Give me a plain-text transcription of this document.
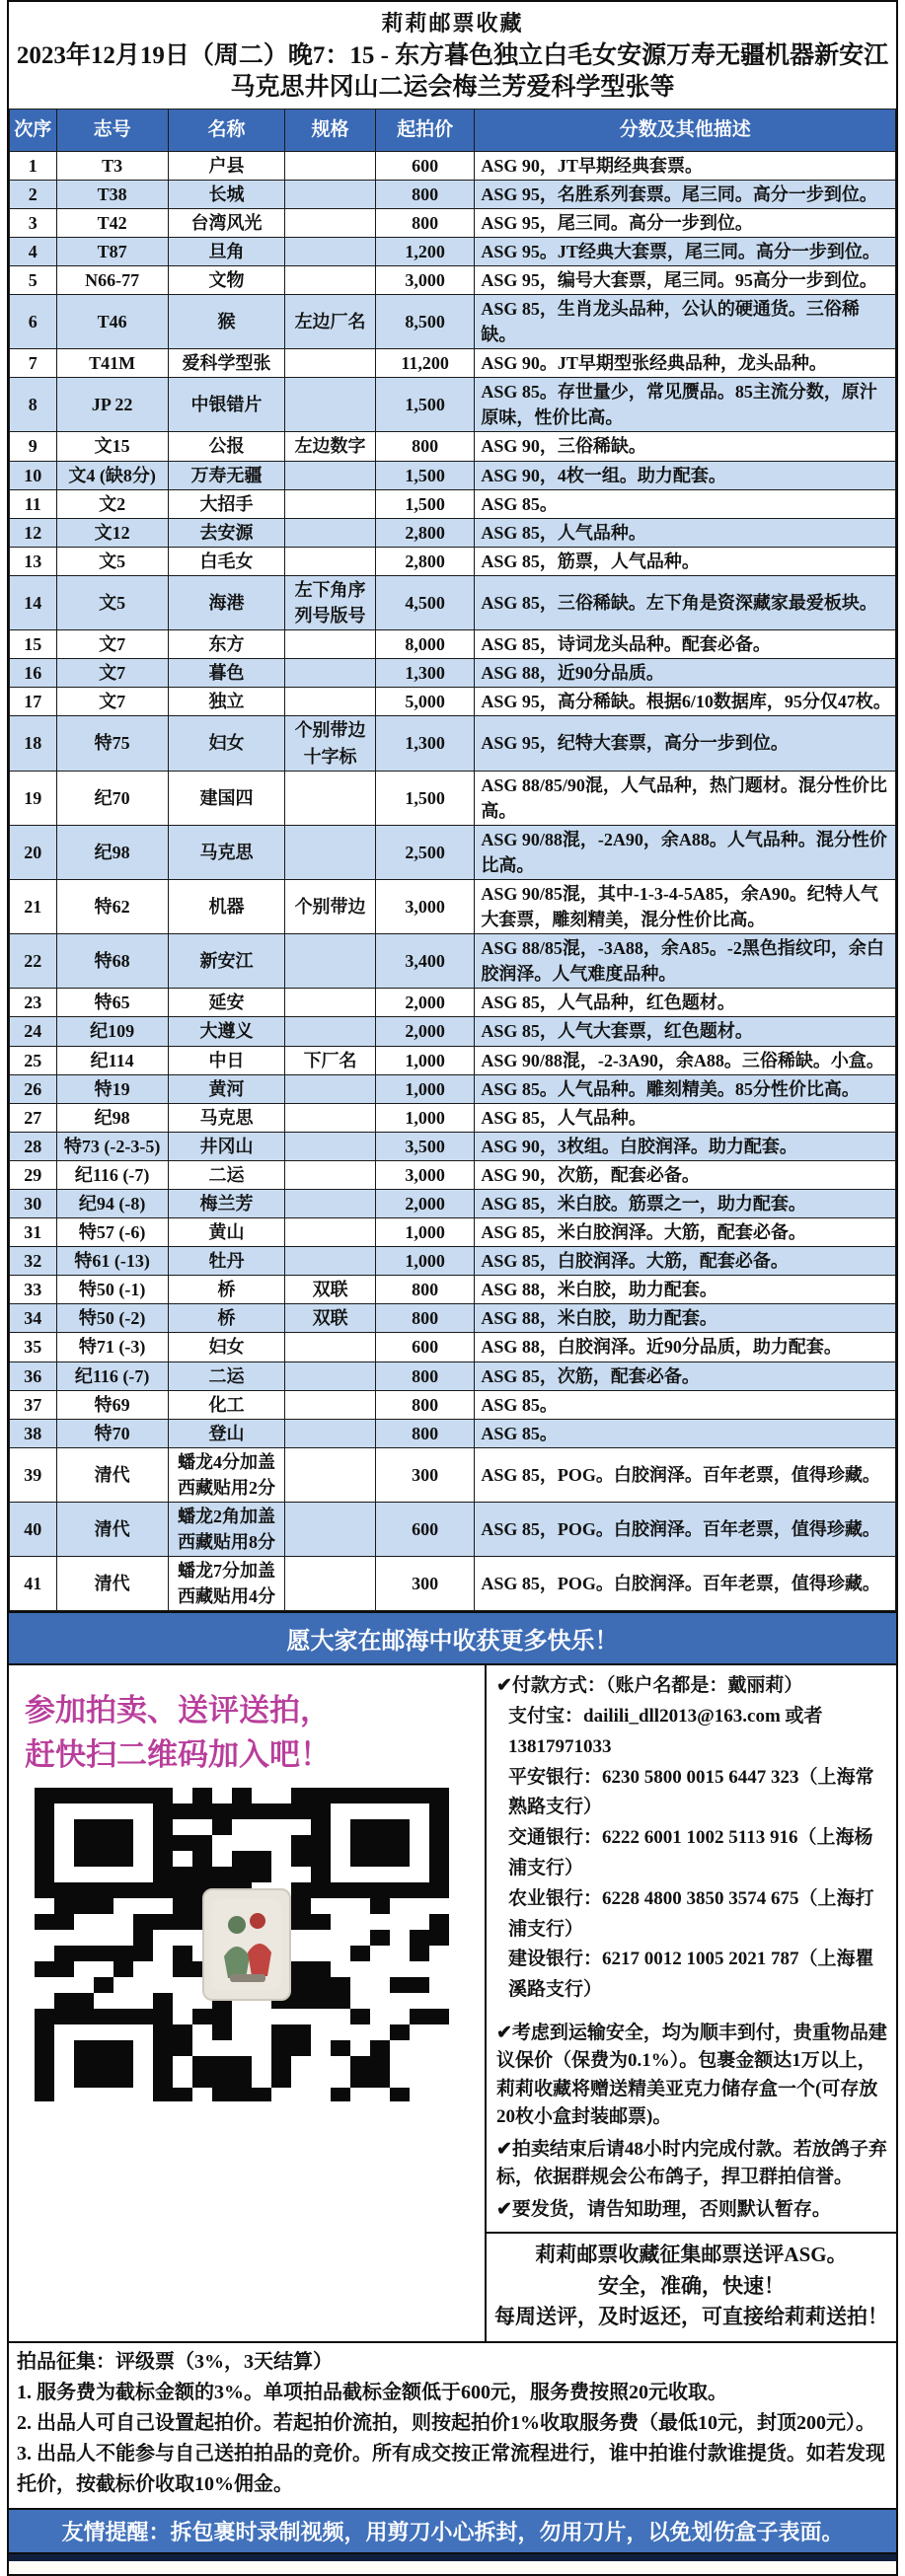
莉莉邮票收藏
2023年12月19日（周二）晚7：15 - 东方暮色独立白毛女安源万寿无疆机器新安江马克思井冈山二运会梅兰芳爱科学型张等
次序	志号	名称	规格	起拍价	分数及其他描述
1	T3	户县		600	ASG 90，JT早期经典套票。
2	T38	长城		800	ASG 95，名胜系列套票。尾三同。高分一步到位。
3	T42	台湾风光		800	ASG 95，尾三同。高分一步到位。
4	T87	旦角		1,200	ASG 95。JT经典大套票，尾三同。高分一步到位。
5	N66-77	文物		3,000	ASG 95，编号大套票，尾三同。95高分一步到位。
6	T46	猴	左边厂名	8,500	ASG 85，生肖龙头品种，公认的硬通货。三俗稀缺。
7	T41M	爱科学型张		11,200	ASG 90。JT早期型张经典品种，龙头品种。
8	JP 22	中银错片		1,500	ASG 85。存世量少，常见赝品。85主流分数，原汁原味，性价比高。
9	文15	公报	左边数字	800	ASG 90，三俗稀缺。
10	文4 (缺8分)	万寿无疆		1,500	ASG 90，4枚一组。助力配套。
11	文2	大招手		1,500	ASG 85。
12	文12	去安源		2,800	ASG 85，人气品种。
13	文5	白毛女		2,800	ASG 85，筋票，人气品种。
14	文5	海港	左下角序列号版号	4,500	ASG 85，三俗稀缺。左下角是资深藏家最爱板块。
15	文7	东方		8,000	ASG 85，诗词龙头品种。配套必备。
16	文7	暮色		1,300	ASG 88，近90分品质。
17	文7	独立		5,000	ASG 95，高分稀缺。根据6/10数据库，95分仅47枚。
18	特75	妇女	个别带边十字标	1,300	ASG 95，纪特大套票，高分一步到位。
19	纪70	建国四		1,500	ASG 88/85/90混，人气品种，热门题材。混分性价比高。
20	纪98	马克思		2,500	ASG 90/88混，-2A90，余A88。人气品种。混分性价比高。
21	特62	机器	个别带边	3,000	ASG 90/85混，其中-1-3-4-5A85，余A90。纪特人气大套票，雕刻精美，混分性价比高。
22	特68	新安江		3,400	ASG 88/85混，-3A88，余A85。-2黑色指纹印，余白胶润泽。人气难度品种。
23	特65	延安		2,000	ASG 85，人气品种，红色题材。
24	纪109	大遵义		2,000	ASG 85，人气大套票，红色题材。
25	纪114	中日	下厂名	1,000	ASG 90/88混，-2-3A90，余A88。三俗稀缺。小盒。
26	特19	黄河		1,000	ASG 85。人气品种。雕刻精美。85分性价比高。
27	纪98	马克思		1,000	ASG 85，人气品种。
28	特73 (-2-3-5)	井冈山		3,500	ASG 90，3枚组。白胶润泽。助力配套。
29	纪116 (-7)	二运		3,000	ASG 90，次筋，配套必备。
30	纪94 (-8)	梅兰芳		2,000	ASG 85，米白胶。筋票之一，助力配套。
31	特57 (-6)	黄山		1,000	ASG 85，米白胶润泽。大筋，配套必备。
32	特61 (-13)	牡丹		1,000	ASG 85，白胶润泽。大筋，配套必备。
33	特50 (-1)	桥	双联	800	ASG 88，米白胶，助力配套。
34	特50 (-2)	桥	双联	800	ASG 88，米白胶，助力配套。
35	特71 (-3)	妇女		600	ASG 88，白胶润泽。近90分品质，助力配套。
36	纪116 (-7)	二运		800	ASG 85，次筋，配套必备。
37	特69	化工		800	ASG 85。
38	特70	登山		800	ASG 85。
39	清代	蟠龙4分加盖西藏贴用2分		300	ASG 85，POG。白胶润泽。百年老票，值得珍藏。
40	清代	蟠龙2角加盖西藏贴用8分		600	ASG 85，POG。白胶润泽。百年老票，值得珍藏。
41	清代	蟠龙7分加盖西藏贴用4分		300	ASG 85，POG。白胶润泽。百年老票，值得珍藏。
愿大家在邮海中收获更多快乐！
参加拍卖、送评送拍，
赶快扫二维码加入吧！
✔付款方式：（账户名都是：戴丽莉）
支付宝：dailili_dll2013@163.com 或者 13817971033
平安银行：6230 5800 0015 6447 323（上海常熟路支行）
交通银行：6222 6001 1002 5113 916（上海杨浦支行）
农业银行：6228 4800 3850 3574 675（上海打浦支行）
建设银行：6217 0012 1005 2021 787（上海瞿溪路支行）
✔考虑到运输安全，均为顺丰到付，贵重物品建议保价（保费为0.1%）。包裹金额达1万以上，莉莉收藏将赠送精美亚克力储存盒一个(可存放20枚小盒封装邮票)。
✔拍卖结束后请48小时内完成付款。若放鸽子弃标，依据群规会公布鸽子，捍卫群拍信誉。
✔要发货，请告知助理，否则默认暂存。
莉莉邮票收藏征集邮票送评ASG。
安全，准确，快速！
每周送评，及时返还，可直接给莉莉送拍！
拍品征集：评级票（3%，3天结算）
1. 服务费为截标金额的3%。单项拍品截标金额低于600元，服务费按照20元收取。
2. 出品人可自己设置起拍价。若起拍价流拍，则按起拍价1%收取服务费（最低10元，封顶200元）。
3. 出品人不能参与自己送拍拍品的竞价。所有成交按正常流程进行，谁中拍谁付款谁提货。如若发现托价，按截标价收取10%佣金。
友情提醒：拆包裹时录制视频，用剪刀小心拆封，勿用刀片，以免划伤盒子表面。
